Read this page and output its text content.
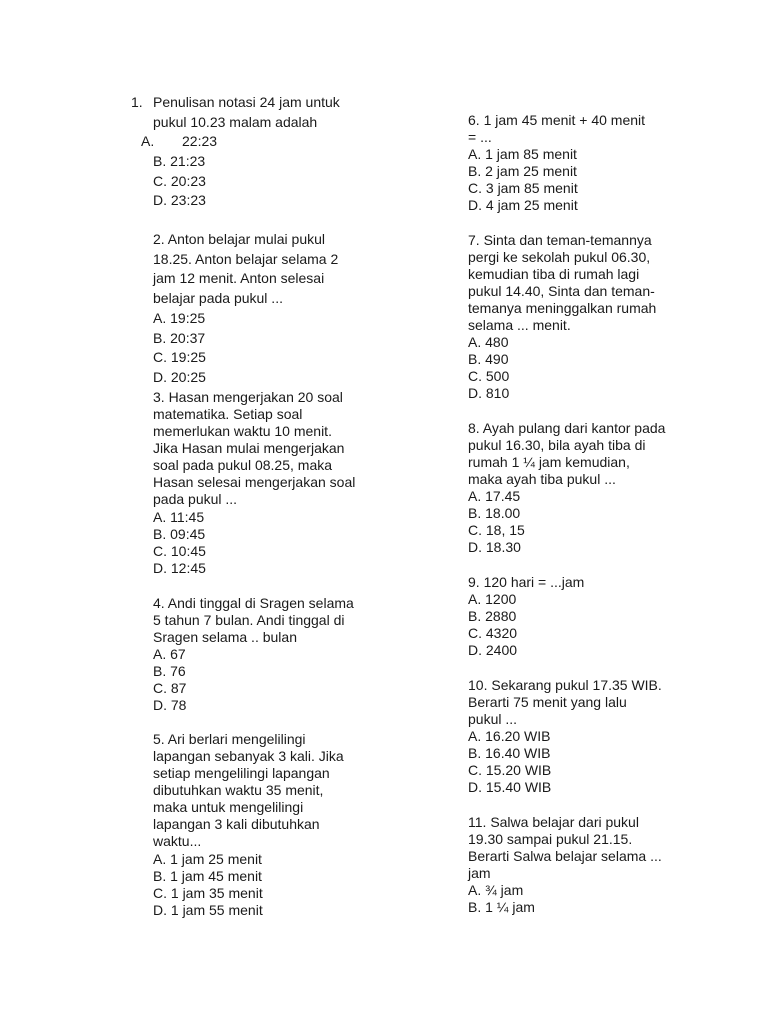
1. Penulisan notasi 24 jam untuk
pukul 10.23 malam adalah
A. 22:23
B. 21:23
C. 20:23
D. 23:23
2. Anton belajar mulai pukul
18.25. Anton belajar selama 2
jam 12 menit. Anton selesai
belajar pada pukul ...
A. 19:25
B. 20:37
C. 19:25
D. 20:25
3. Hasan mengerjakan 20 soal
matematika. Setiap soal
memerlukan waktu 10 menit.
Jika Hasan mulai mengerjakan
soal pada pukul 08.25, maka
Hasan selesai mengerjakan soal
pada pukul ...
A. 11:45
B. 09:45
C. 10:45
D. 12:45
4. Andi tinggal di Sragen selama
5 tahun 7 bulan. Andi tinggal di
Sragen selama .. bulan
A. 67
B. 76
C. 87
D. 78
5. Ari berlari mengelilingi
lapangan sebanyak 3 kali. Jika
setiap mengelilingi lapangan
dibutuhkan waktu 35 menit,
maka untuk mengelilingi
lapangan 3 kali dibutuhkan
waktu...
A. 1 jam 25 menit
B. 1 jam 45 menit
C. 1 jam 35 menit
D. 1 jam 55 menit
6. 1 jam 45 menit + 40 menit
= ...
A. 1 jam 85 menit
B. 2 jam 25 menit
C. 3 jam 85 menit
D. 4 jam 25 menit
7. Sinta dan teman-temannya
pergi ke sekolah pukul 06.30,
kemudian tiba di rumah lagi
pukul 14.40, Sinta dan teman-
temanya meninggalkan rumah
selama ... menit.
A. 480
B. 490
C. 500
D. 810
8. Ayah pulang dari kantor pada
pukul 16.30, bila ayah tiba di
rumah 1 ¼ jam kemudian,
maka ayah tiba pukul ...
A. 17.45
B. 18.00
C. 18, 15
D. 18.30
9. 120 hari = ...jam
A. 1200
B. 2880
C. 4320
D. 2400
10. Sekarang pukul 17.35 WIB.
Berarti 75 menit yang lalu
pukul ...
A. 16.20 WIB
B. 16.40 WIB
C. 15.20 WIB
D. 15.40 WIB
11. Salwa belajar dari pukul
19.30 sampai pukul 21.15.
Berarti Salwa belajar selama ...
jam
A. ¾ jam
B. 1 ¼ jam
